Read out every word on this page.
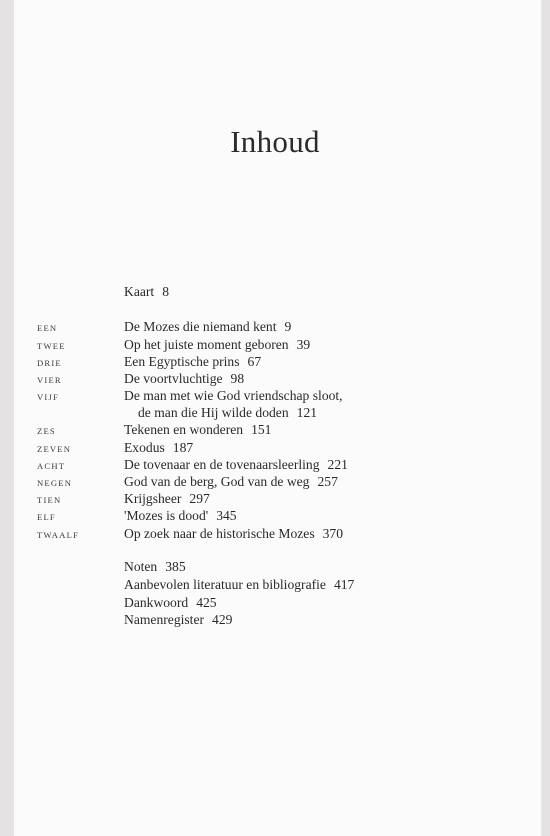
Inhoud
Kaart 8
EEN	De Mozes die niemand kent 9
TWEE	Op het juiste moment geboren 39
DRIE	Een Egyptische prins 67
VIER	De voortvluchtige 98
VIJF	De man met wie God vriendschap sloot,
de man die Hij wilde doden 121
ZES	Tekenen en wonderen 151
ZEVEN	Exodus 187
ACHT	De tovenaar en de tovenaarsleerling 221
NEGEN	God van de berg, God van de weg 257
TIEN	Krijgsheer 297
ELF	'Mozes is dood' 345
TWAALF	Op zoek naar de historische Mozes 370
Noten 385
Aanbevolen literatuur en bibliografie 417
Dankwoord 425
Namenregister 429
